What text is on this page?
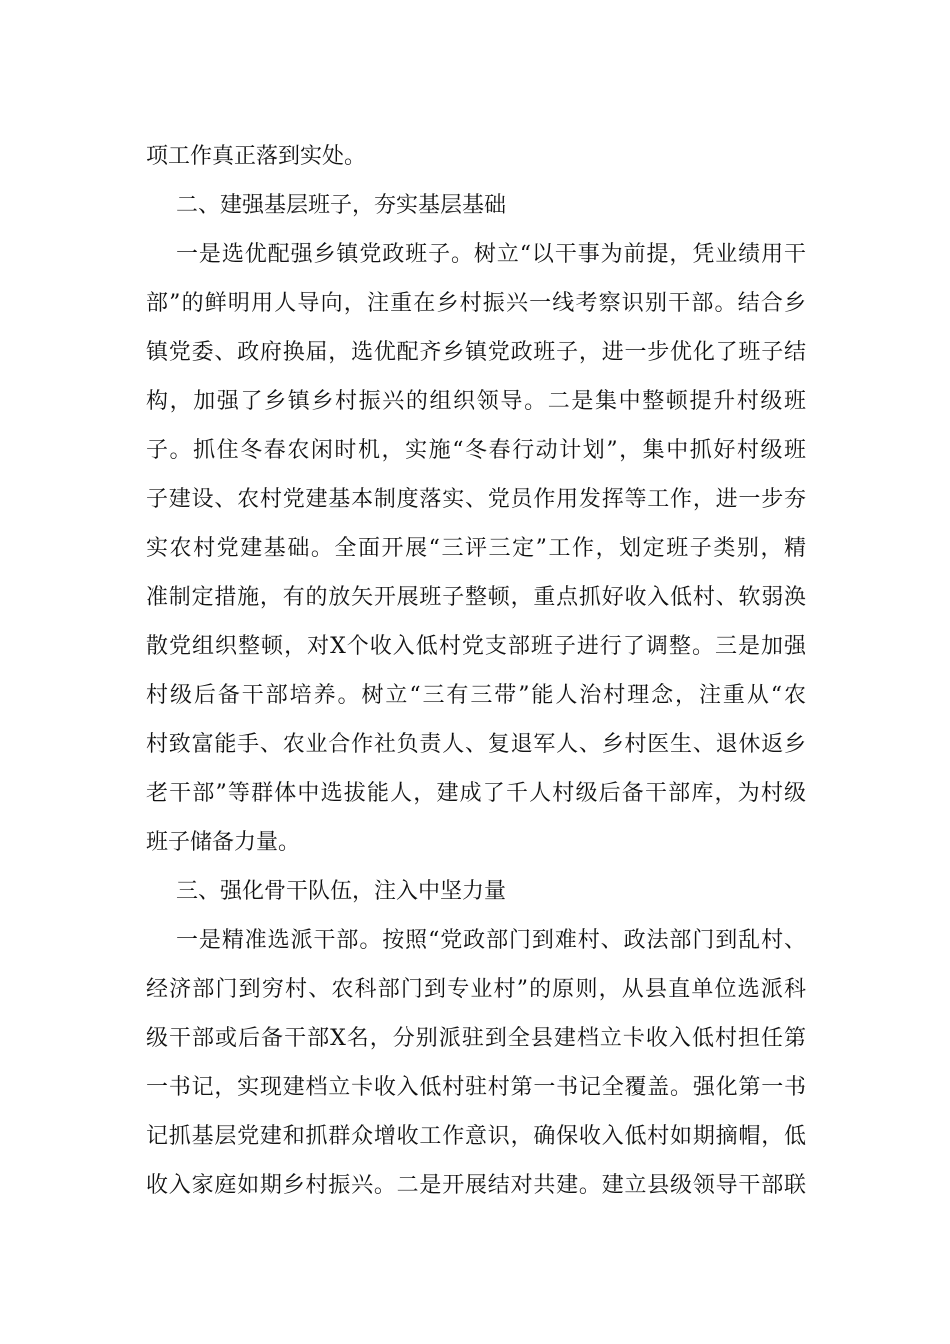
项工作真正落到实处。
二、建强基层班子，夯实基层基础
一是选优配强乡镇党政班子。树立“以干事为前提，凭业绩用干
部”的鲜明用人导向，注重在乡村振兴一线考察识别干部。结合乡
镇党委、政府换届，选优配齐乡镇党政班子，进一步优化了班子结
构，加强了乡镇乡村振兴的组织领导。二是集中整顿提升村级班
子。抓住冬春农闲时机，实施“冬春行动计划”，集中抓好村级班
子建设、农村党建基本制度落实、党员作用发挥等工作，进一步夯
实农村党建基础。全面开展“三评三定”工作，划定班子类别，精
准制定措施，有的放矢开展班子整顿，重点抓好收入低村、软弱涣
散党组织整顿，对X个收入低村党支部班子进行了调整。三是加强
村级后备干部培养。树立“三有三带”能人治村理念，注重从“农
村致富能手、农业合作社负责人、复退军人、乡村医生、退休返乡
老干部”等群体中选拔能人，建成了千人村级后备干部库，为村级
班子储备力量。
三、强化骨干队伍，注入中坚力量
一是精准选派干部。按照“党政部门到难村、政法部门到乱村、
经济部门到穷村、农科部门到专业村”的原则，从县直单位选派科
级干部或后备干部X名，分别派驻到全县建档立卡收入低村担任第
一书记，实现建档立卡收入低村驻村第一书记全覆盖。强化第一书
记抓基层党建和抓群众增收工作意识，确保收入低村如期摘帽，低
收入家庭如期乡村振兴。二是开展结对共建。建立县级领导干部联
